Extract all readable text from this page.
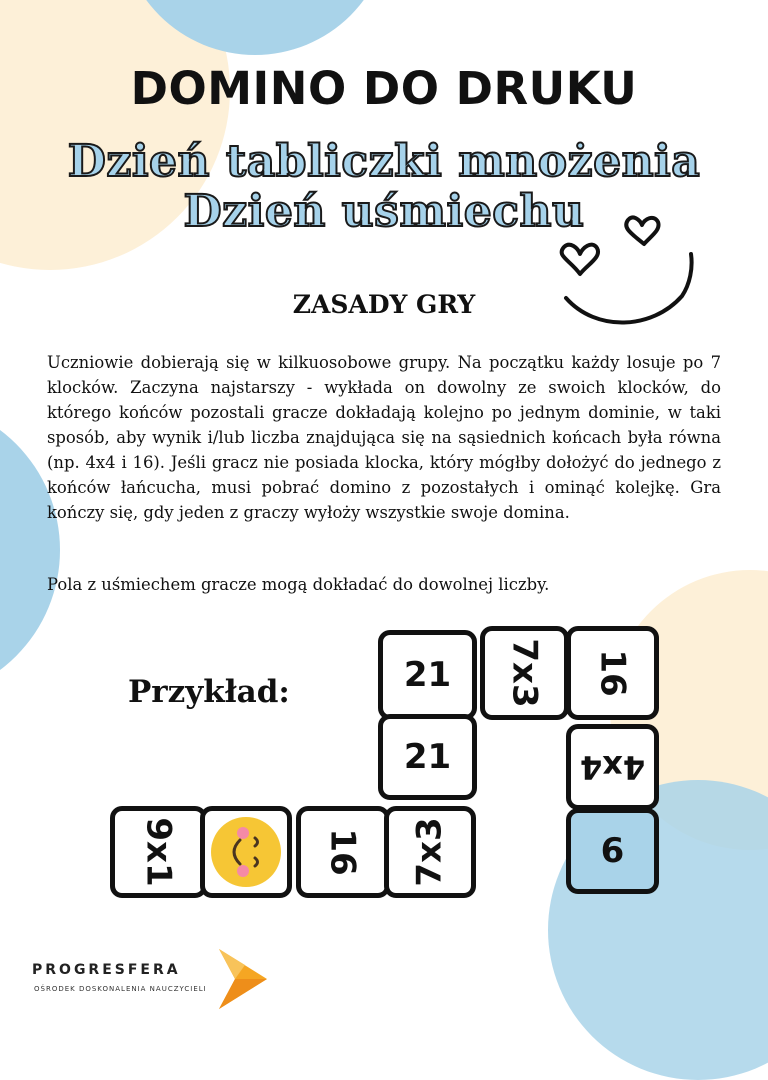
DOMINO DO DRUKU
Dzień tabliczki mnożenia
Dzień uśmiechu
ZASADY GRY

Uczniowie dobierają się w kilkuosobowe grupy. Na początku każdy losuje po 7 klocków. Zaczyna najstarszy - wykłada on dowolny ze swoich klocków, do którego końców pozostali gracze dokładają kolejno po jednym dominie, w taki sposób, aby wynik i/lub liczba znajdująca się na sąsiednich końcach była równa (np. 4x4 i 16). Jeśli gracz nie posiada klocka, który mógłby dołożyć do jednego z końców łańcucha, musi pobrać domino z pozostałych i ominąć kolejkę. Gra kończy się, gdy jeden z graczy wyłoży wszystkie swoje domina.

Pola z uśmiechem gracze mogą dokładać do dowolnej liczby.

Przykład:	21 7x3 16
21	4x4
6
9x1	16 7x3

PROGRESFERA

OŚRODEK DOSKONALENIA NAUCZYCIELI
